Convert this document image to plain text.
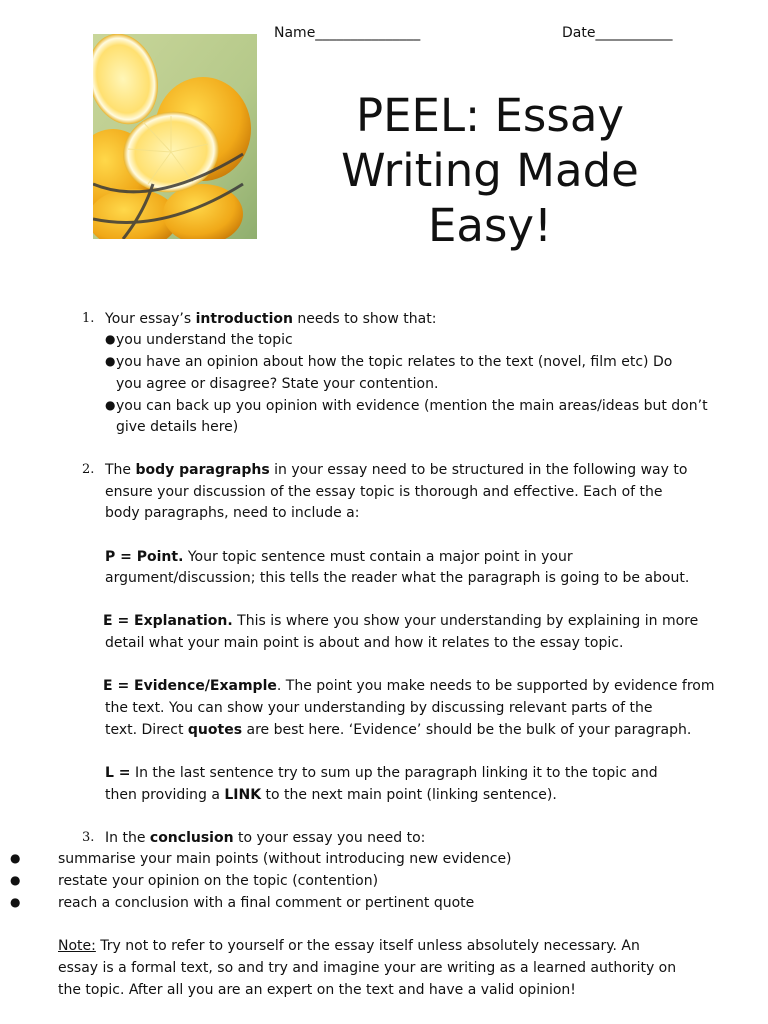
Name_______________	Date___________
PEEL: Essay
Writing Made
Easy!
1. Your essay’s introduction needs to show that:
● you understand the topic
● you have an opinion about how the topic relates to the text (novel, film etc) Do
you agree or disagree? State your contention.
● you can back up you opinion with evidence (mention the main areas/ideas but don’t
give details here)
2. The body paragraphs in your essay need to be structured in the following way to
ensure your discussion of the essay topic is thorough and effective. Each of the
body paragraphs, need to include a:
P = Point. Your topic sentence must contain a major point in your
argument/discussion; this tells the reader what the paragraph is going to be about.
E = Explanation. This is where you show your understanding by explaining in more
detail what your main point is about and how it relates to the essay topic.
E = Evidence/Example. The point you make needs to be supported by evidence from
the text. You can show your understanding by discussing relevant parts of the
text. Direct quotes are best here. ‘Evidence’ should be the bulk of your paragraph.
L = In the last sentence try to sum up the paragraph linking it to the topic and
then providing a LINK to the next main point (linking sentence).
3. In the conclusion to your essay you need to:
●	summarise your main points (without introducing new evidence)
●	restate your opinion on the topic (contention)
●	reach a conclusion with a final comment or pertinent quote
Note: Try not to refer to yourself or the essay itself unless absolutely necessary. An
essay is a formal text, so and try and imagine your are writing as a learned authority on
the topic. After all you are an expert on the text and have a valid opinion!
